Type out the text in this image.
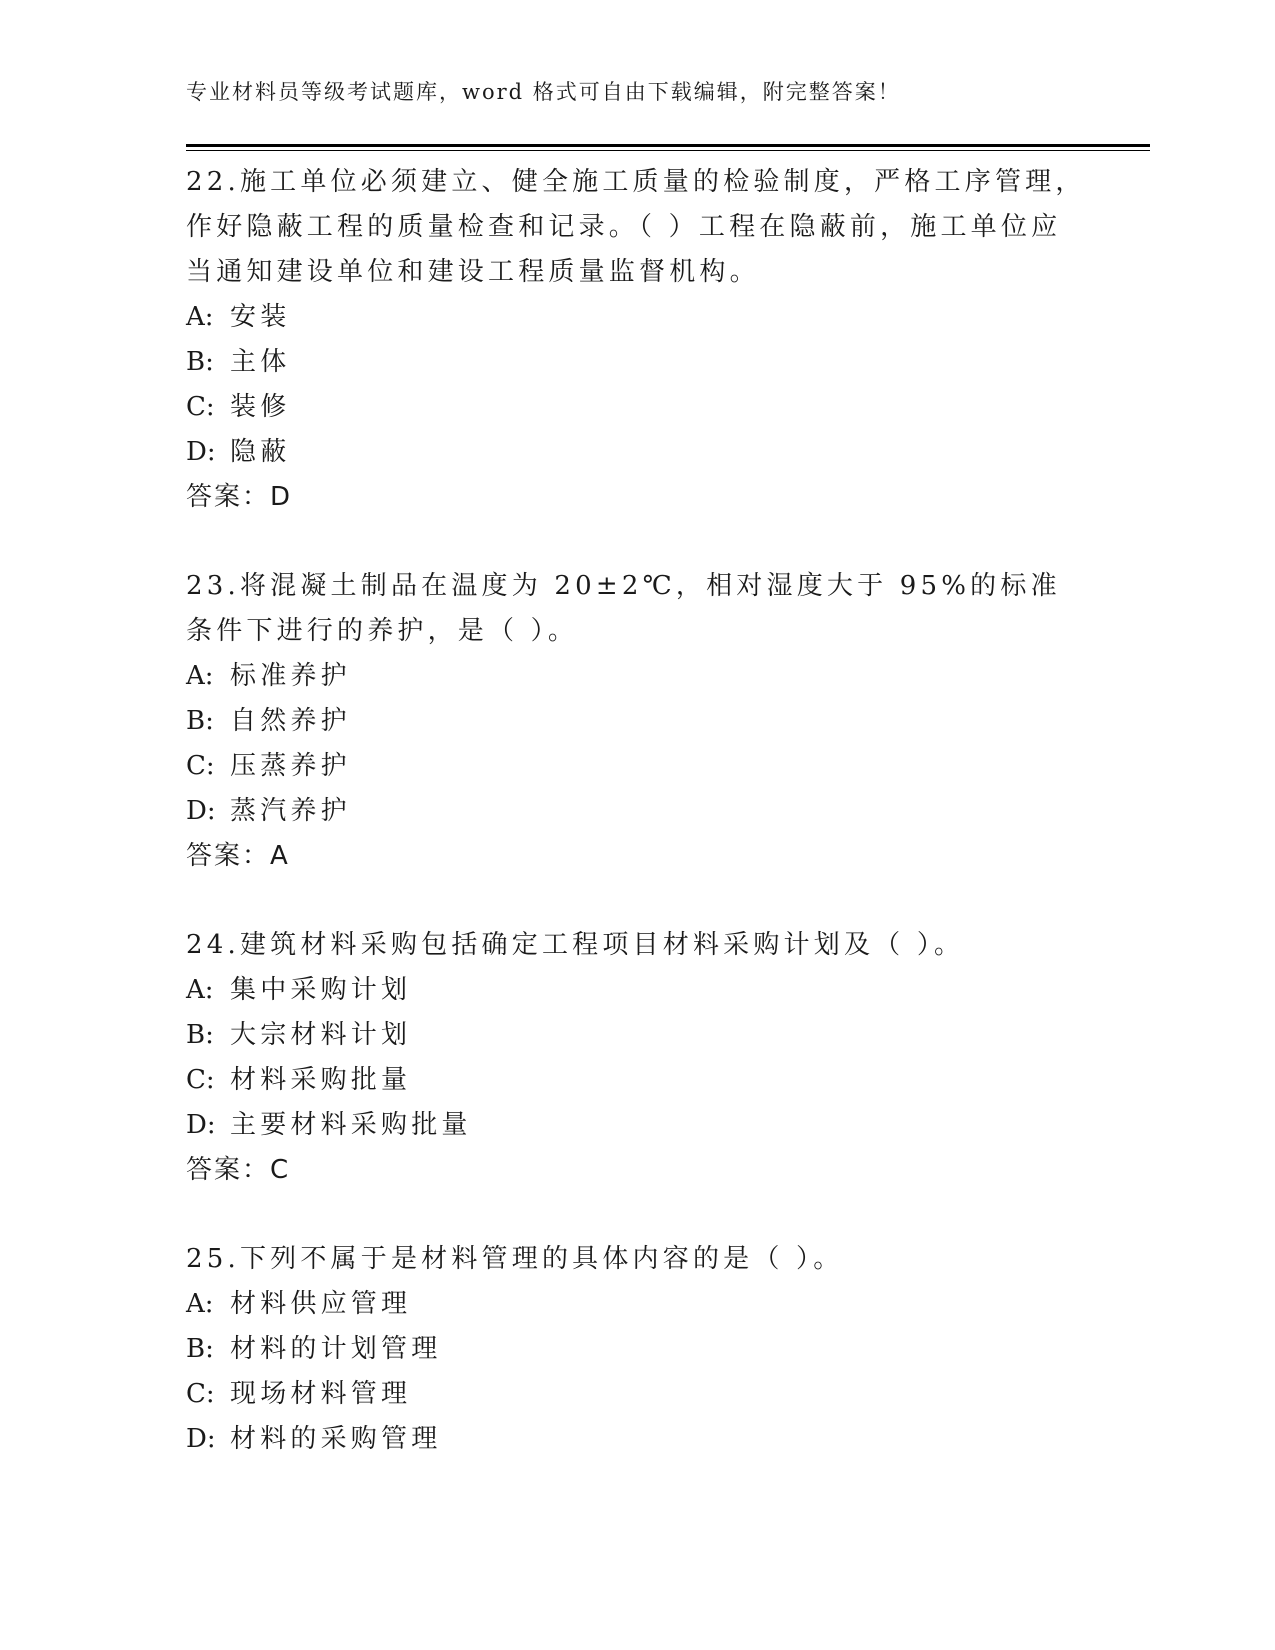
专业材料员等级考试题库，word 格式可自由下载编辑，附完整答案！
22.施工单位必须建立、健全施工质量的检验制度，严格工序管理，作好隐蔽工程的质量检查和记录。（ ）工程在隐蔽前，施工单位应当通知建设单位和建设工程质量监督机构。
A: 安装
B: 主体
C: 装修
D: 隐蔽
答案：D
23.将混凝土制品在温度为 20±2℃，相对湿度大于 95%的标准条件下进行的养护，是（ ）。
A: 标准养护
B: 自然养护
C: 压蒸养护
D: 蒸汽养护
答案：A
24.建筑材料采购包括确定工程项目材料采购计划及（ ）。
A: 集中采购计划
B: 大宗材料计划
C: 材料采购批量
D: 主要材料采购批量
答案：C
25.下列不属于是材料管理的具体内容的是（ ）。
A: 材料供应管理
B: 材料的计划管理
C: 现场材料管理
D: 材料的采购管理
